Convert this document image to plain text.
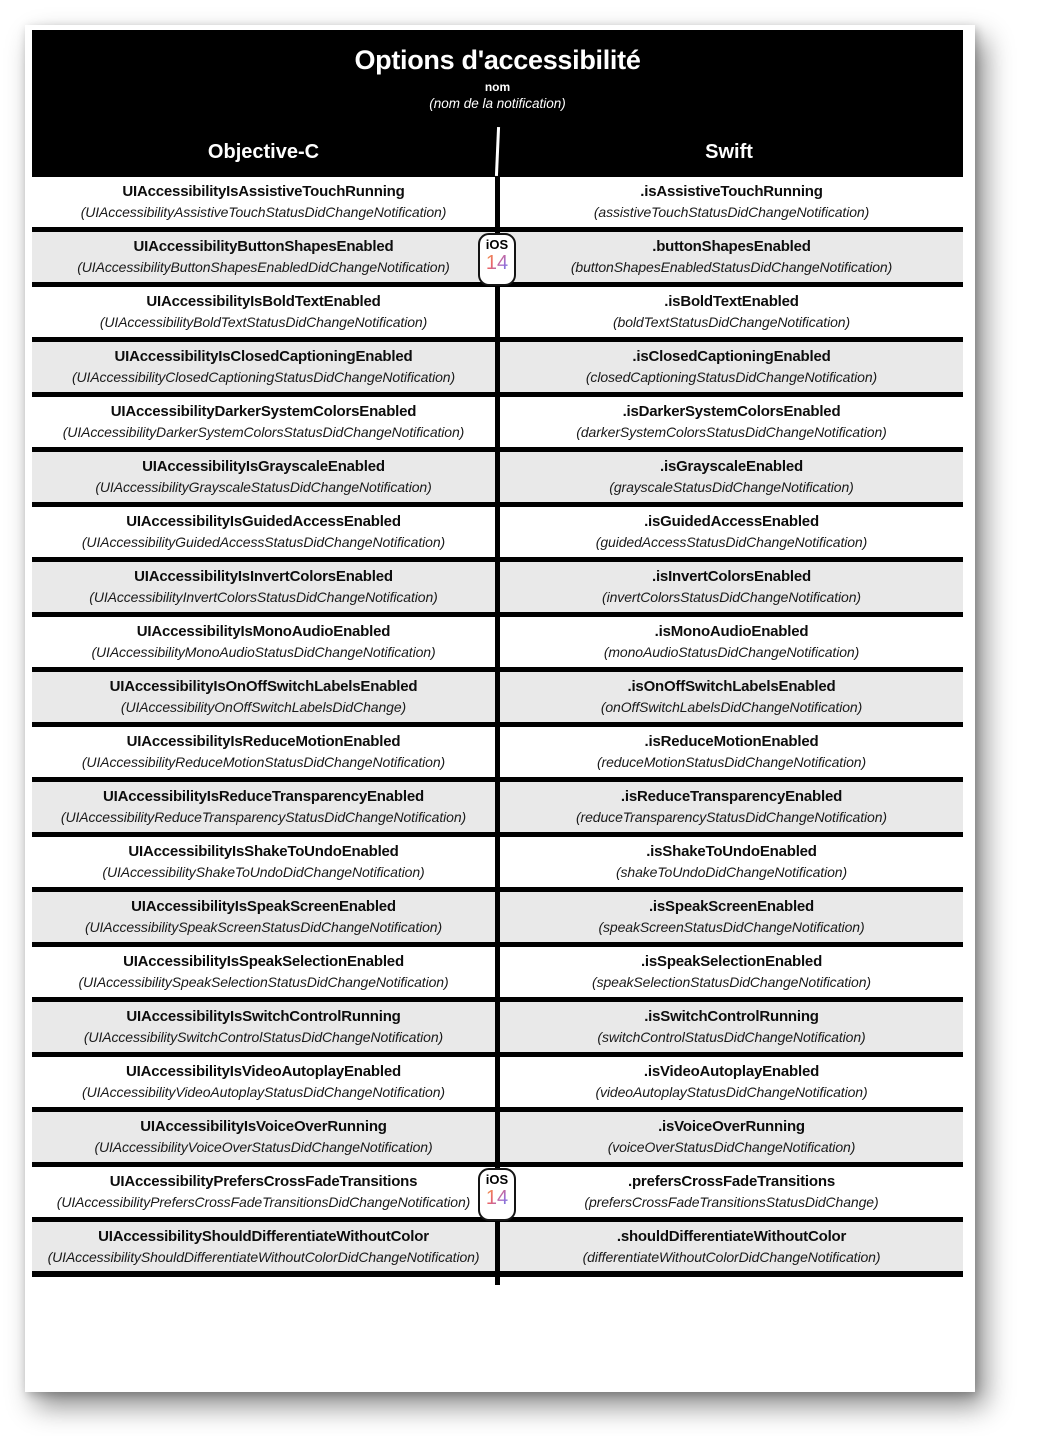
Options d'accessibilité
nom
(nom de la notification)
Objective-C	Swift
UIAccessibilityIsAssistiveTouchRunning
(UIAccessibilityAssistiveTouchStatusDidChangeNotification)
.isAssistiveTouchRunning
(assistiveTouchStatusDidChangeNotification)
UIAccessibilityButtonShapesEnabled
(UIAccessibilityButtonShapesEnabledDidChangeNotification)
.buttonShapesEnabled
(buttonShapesEnabledStatusDidChangeNotification)
iOS
14
UIAccessibilityIsBoldTextEnabled
(UIAccessibilityBoldTextStatusDidChangeNotification)
.isBoldTextEnabled
(boldTextStatusDidChangeNotification)
UIAccessibilityIsClosedCaptioningEnabled
(UIAccessibilityClosedCaptioningStatusDidChangeNotification)
.isClosedCaptioningEnabled
(closedCaptioningStatusDidChangeNotification)
UIAccessibilityDarkerSystemColorsEnabled
(UIAccessibilityDarkerSystemColorsStatusDidChangeNotification)
.isDarkerSystemColorsEnabled
(darkerSystemColorsStatusDidChangeNotification)
UIAccessibilityIsGrayscaleEnabled
(UIAccessibilityGrayscaleStatusDidChangeNotification)
.isGrayscaleEnabled
(grayscaleStatusDidChangeNotification)
UIAccessibilityIsGuidedAccessEnabled
(UIAccessibilityGuidedAccessStatusDidChangeNotification)
.isGuidedAccessEnabled
(guidedAccessStatusDidChangeNotification)
UIAccessibilityIsInvertColorsEnabled
(UIAccessibilityInvertColorsStatusDidChangeNotification)
.isInvertColorsEnabled
(invertColorsStatusDidChangeNotification)
UIAccessibilityIsMonoAudioEnabled
(UIAccessibilityMonoAudioStatusDidChangeNotification)
.isMonoAudioEnabled
(monoAudioStatusDidChangeNotification)
UIAccessibilityIsOnOffSwitchLabelsEnabled
(UIAccessibilityOnOffSwitchLabelsDidChange)
.isOnOffSwitchLabelsEnabled
(onOffSwitchLabelsDidChangeNotification)
UIAccessibilityIsReduceMotionEnabled
(UIAccessibilityReduceMotionStatusDidChangeNotification)
.isReduceMotionEnabled
(reduceMotionStatusDidChangeNotification)
UIAccessibilityIsReduceTransparencyEnabled
(UIAccessibilityReduceTransparencyStatusDidChangeNotification)
.isReduceTransparencyEnabled
(reduceTransparencyStatusDidChangeNotification)
UIAccessibilityIsShakeToUndoEnabled
(UIAccessibilityShakeToUndoDidChangeNotification)
.isShakeToUndoEnabled
(shakeToUndoDidChangeNotification)
UIAccessibilityIsSpeakScreenEnabled
(UIAccessibilitySpeakScreenStatusDidChangeNotification)
.isSpeakScreenEnabled
(speakScreenStatusDidChangeNotification)
UIAccessibilityIsSpeakSelectionEnabled
(UIAccessibilitySpeakSelectionStatusDidChangeNotification)
.isSpeakSelectionEnabled
(speakSelectionStatusDidChangeNotification)
UIAccessibilityIsSwitchControlRunning
(UIAccessibilitySwitchControlStatusDidChangeNotification)
.isSwitchControlRunning
(switchControlStatusDidChangeNotification)
UIAccessibilityIsVideoAutoplayEnabled
(UIAccessibilityVideoAutoplayStatusDidChangeNotification)
.isVideoAutoplayEnabled
(videoAutoplayStatusDidChangeNotification)
UIAccessibilityIsVoiceOverRunning
(UIAccessibilityVoiceOverStatusDidChangeNotification)
.isVoiceOverRunning
(voiceOverStatusDidChangeNotification)
UIAccessibilityPrefersCrossFadeTransitions
(UIAccessibilityPrefersCrossFadeTransitionsDidChangeNotification)
.prefersCrossFadeTransitions
(prefersCrossFadeTransitionsStatusDidChange)
iOS
14
UIAccessibilityShouldDifferentiateWithoutColor
(UIAccessibilityShouldDifferentiateWithoutColorDidChangeNotification)
.shouldDifferentiateWithoutColor
(differentiateWithoutColorDidChangeNotification)
